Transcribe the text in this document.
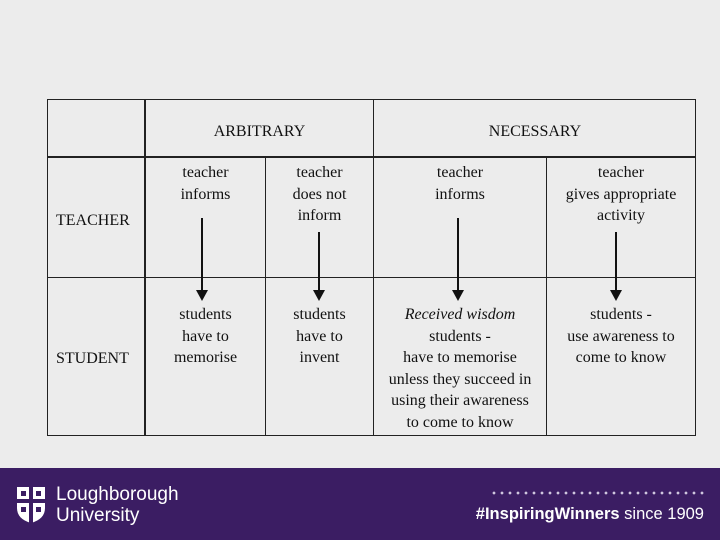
ARBITRARY	NECESSARY
TEACHER
STUDENT
teacher
informs
students
have to
memorise
teacher
does not
inform
students
have to
invent
teacher
informs
Received wisdom
students -
have to memorise
unless they succeed in
using their awareness
to come to know
teacher
gives appropriate
activity
students -
use awareness to
come to know
Loughborough
University	#InspiringWinners since 1909
